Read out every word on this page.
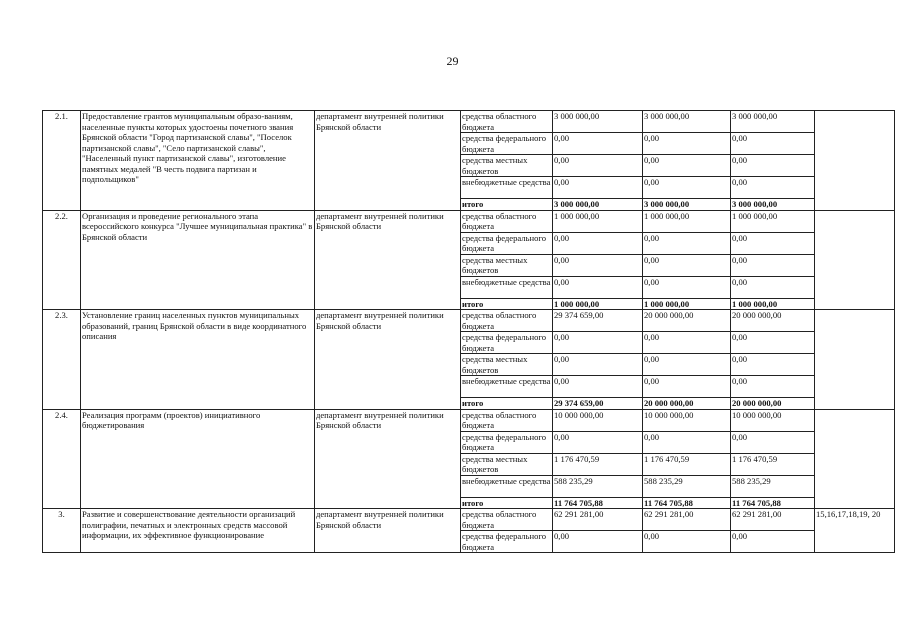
29
2.1.	Предоставление грантов муниципальным образо-ваниям, населенные пункты которых удостоены почетного звания Брянской области "Город партизанской славы", "Поселок партизанской славы", "Село партизанской славы", "Населенный пункт партизанской славы", изготовление памятных медалей "В честь подвига партизан и подпольщиков"	департамент внутренней политики Брянской области	средства областного бюджета	3 000 000,00	3 000 000,00	3 000 000,00	
			средства федерального бюджета	0,00	0,00	0,00	
			средства местных бюджетов	0,00	0,00	0,00	
			внебюджетные средства	0,00	0,00	0,00	
			итого	3 000 000,00	3 000 000,00	3 000 000,00	
2.2.	Организация и проведение регионального этапа всероссийского конкурса "Лучшее муниципальная практика" в Брянской области	департамент внутренней политики Брянской области	средства областного бюджета	1 000 000,00	1 000 000,00	1 000 000,00	
			средства федерального бюджета	0,00	0,00	0,00	
			средства местных бюджетов	0,00	0,00	0,00	
			внебюджетные средства	0,00	0,00	0,00	
			итого	1 000 000,00	1 000 000,00	1 000 000,00	
2.3.	Установление границ населенных пунктов муниципальных образований, границ Брянской области в виде координатного описания	департамент внутренней политики Брянской области	средства областного бюджета	29 374 659,00	20 000 000,00	20 000 000,00	
			средства федерального бюджета	0,00	0,00	0,00	
			средства местных бюджетов	0,00	0,00	0,00	
			внебюджетные средства	0,00	0,00	0,00	
			итого	29 374 659,00	20 000 000,00	20 000 000,00	
2.4.	Реализация программ (проектов) инициативного бюджетирования	департамент внутренней политики Брянской области	средства областного бюджета	10 000 000,00	10 000 000,00	10 000 000,00	
			средства федерального бюджета	0,00	0,00	0,00	
			средства местных бюджетов	1 176 470,59	1 176 470,59	1 176 470,59	
			внебюджетные средства	588 235,29	588 235,29	588 235,29	
			итого	11 764 705,88	11 764 705,88	11 764 705,88	
3.	Развитие и совершенствование деятельности организаций полиграфии, печатных и электронных средств массовой информации, их эффективное функционирование	департамент внутренней политики Брянской области	средства областного бюджета	62 291 281,00	62 291 281,00	62 291 281,00	15,16,17,18,19, 20
			средства федерального бюджета	0,00	0,00	0,00	
